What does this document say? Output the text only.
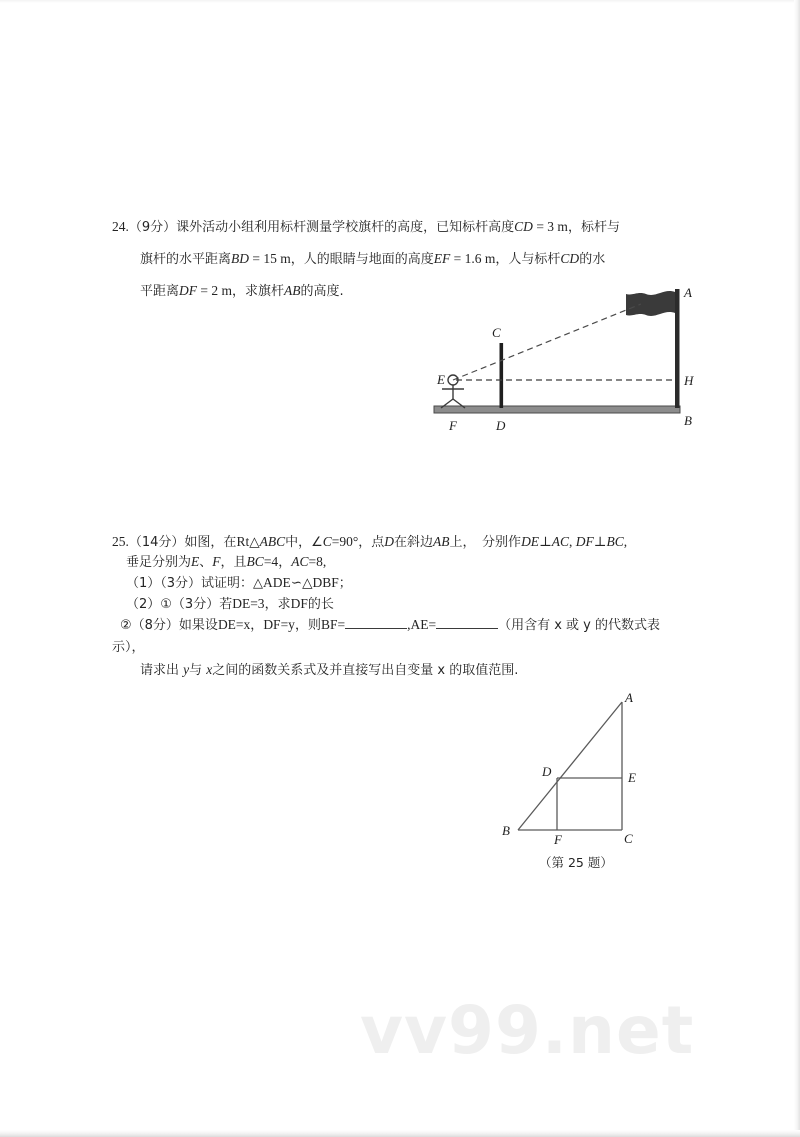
24.（9分）课外活动小组利用标杆测量学校旗杆的高度，已知标杆高度CD = 3 m，标杆与
旗杆的水平距离BD = 15 m，人的眼睛与地面的高度EF = 1.6 m，人与标杆CD的水
平距离DF = 2 m，求旗杆AB的高度.	A
B
C
D
E
F
H
25.（14分）如图，在Rt△ABC中，∠C=90°，点D在斜边AB上，　分别作DE⊥AC, DF⊥BC,
垂足分别为E、F，且BC=4，AC=8,
（1）（3分）试证明：△ADE∽△DBF；
（2）①（3分）若DE=3，求DF的长
②（8分）如果设DE=x，DF=y，则BF=	,AE=	（用含有 x 或 y 的代数式表
示），
请求出 y与 x之间的函数关系式及并直接写出自变量 x 的取值范围.
A
B
C
D	E
F
（第 25 题）
vv99.net
